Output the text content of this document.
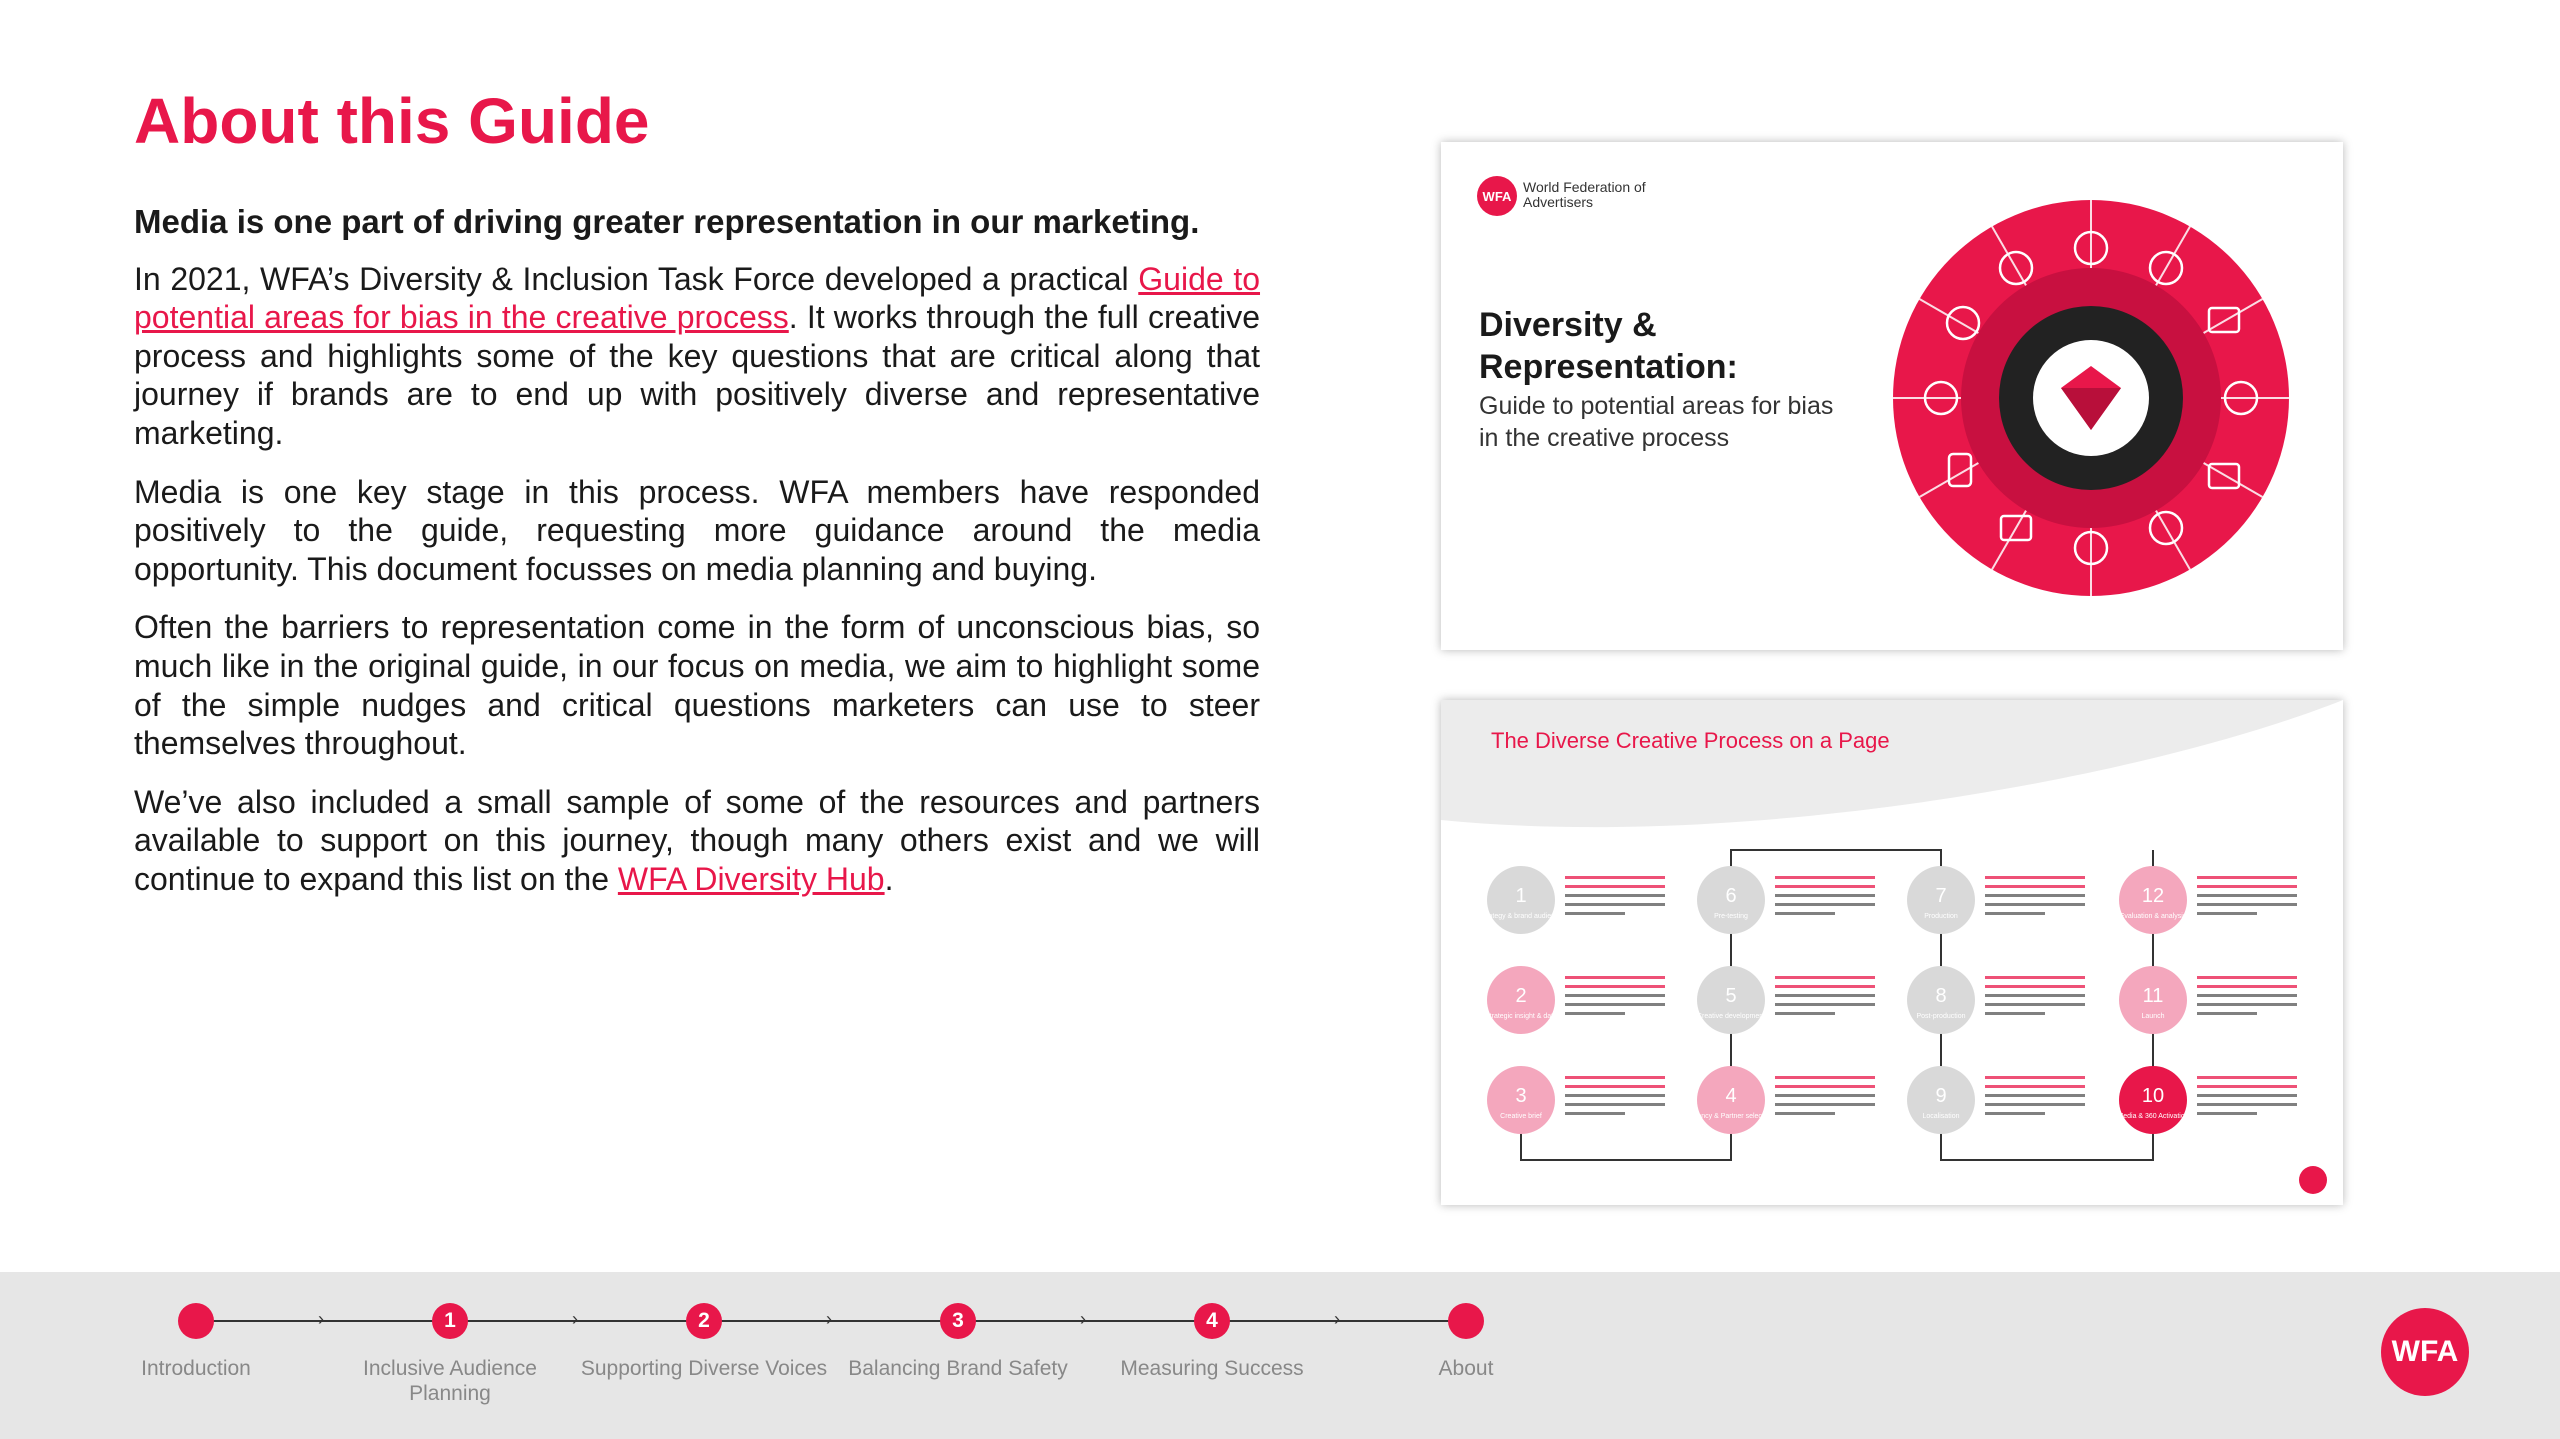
About this Guide
Media is one part of driving greater representation in our marketing.

In 2021, WFA’s Diversity & Inclusion Task Force developed a practical Guide to potential areas for bias in the creative process. It works through the full creative process and highlights some of the key questions that are critical along that journey if brands are to end up with positively diverse and representative marketing.

Media is one key stage in this process. WFA members have responded positively to the guide, requesting more guidance around the media opportunity. This document focusses on media planning and buying.

Often the barriers to representation come in the form of unconscious bias, so much like in the original guide, in our focus on media, we aim to highlight some of the simple nudges and critical questions marketers can use to steer themselves throughout.

We’ve also included a small sample of some of the resources and partners available to support on this journey, though many others exist and we will continue to expand this list on the WFA Diversity Hub.

WFA
World Federation of Advertisers
Diversity & Representation:
Guide to potential areas for bias in the creative process
1
Strategy & brand audience
2
Strategic insight & data
3
Creative brief
4
Agency & Partner selection
5
Creative development
6
Pre-testing
7
Production
8
Post-production
9
Localisation
10
Media & 360 Activation
11
Launch
12
Evaluation & analysis
The Diverse Creative Process on a Page
Introduction
›	1
Inclusive Audience Planning
›	2
Supporting Diverse Voices
›	3
Balancing Brand Safety
›	4
Measuring Success
›
About
WFA
